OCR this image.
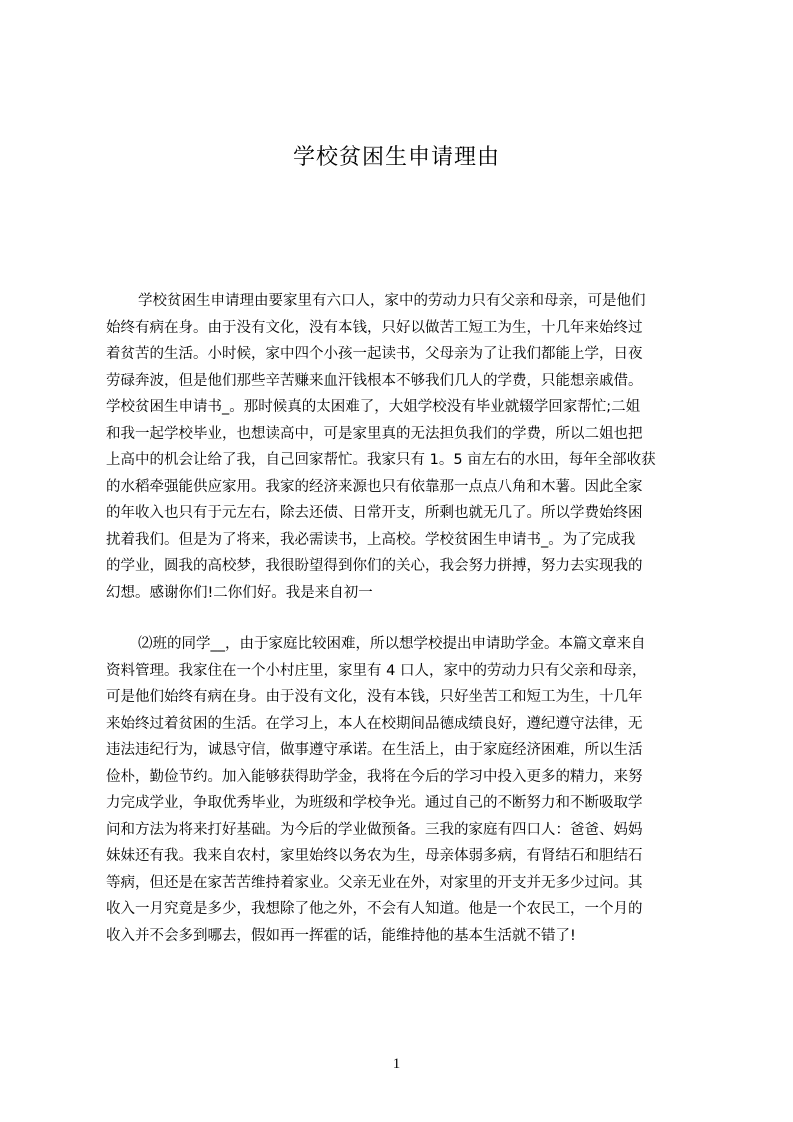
学校贫困生申请理由
学校贫困生申请理由要家里有六口人，家中的劳动力只有父亲和母亲，可是他们
始终有病在身。由于没有文化，没有本钱，只好以做苦工短工为生，十几年来始终过
着贫苦的生活。小时候，家中四个小孩一起读书，父母亲为了让我们都能上学，日夜
劳碌奔波，但是他们那些辛苦赚来血汗钱根本不够我们几人的学费，只能想亲戚借。
学校贫困生申请书_。那时候真的太困难了，大姐学校没有毕业就辍学回家帮忙;二姐
和我一起学校毕业，也想读高中，可是家里真的无法担负我们的学费，所以二姐也把
上高中的机会让给了我，自己回家帮忙。我家只有 1。5 亩左右的水田，每年全部收获
的水稻牵强能供应家用。我家的经济来源也只有依靠那一点点八角和木薯。因此全家
的年收入也只有于元左右，除去还债、日常开支，所剩也就无几了。所以学费始终困
扰着我们。但是为了将来，我必需读书，上高校。学校贫困生申请书_。为了完成我
的学业，圆我的高校梦，我很盼望得到你们的关心，我会努力拼搏，努力去实现我的
幻想。感谢你们!二你们好。我是来自初一
⑵班的同学__，由于家庭比较困难，所以想学校提出申请助学金。本篇文章来自
资料管理。我家住在一个小村庄里，家里有 4 口人，家中的劳动力只有父亲和母亲，
可是他们始终有病在身。由于没有文化，没有本钱，只好坐苦工和短工为生，十几年
来始终过着贫困的生活。在学习上，本人在校期间品德成绩良好，遵纪遵守法律，无
违法违纪行为，诚恳守信，做事遵守承诺。在生活上，由于家庭经济困难，所以生活
俭朴，勤俭节约。加入能够获得助学金，我将在今后的学习中投入更多的精力，来努
力完成学业，争取优秀毕业，为班级和学校争光。通过自己的不断努力和不断吸取学
问和方法为将来打好基础。为今后的学业做预备。三我的家庭有四口人：爸爸、妈妈
妹妹还有我。我来自农村，家里始终以务农为生，母亲体弱多病，有肾结石和胆结石
等病，但还是在家苦苦维持着家业。父亲无业在外，对家里的开支并无多少过问。其
收入一月究竟是多少，我想除了他之外，不会有人知道。他是一个农民工，一个月的
收入并不会多到哪去，假如再一挥霍的话，能维持他的基本生活就不错了!
1
